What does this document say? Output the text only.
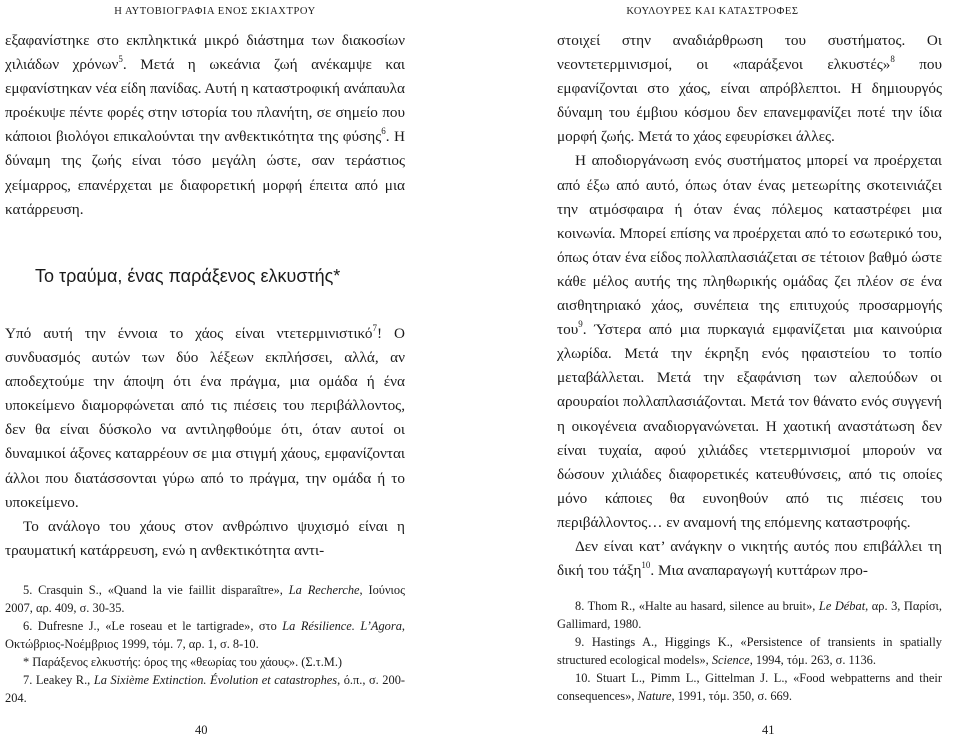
Η ΑΥΤΟΒΙΟΓΡΑΦΙΑ ΕΝΟΣ ΣΚΙΑΧΤΡΟΥ

εξαφανίστηκε στο εκπληκτικά μικρό διάστημα των διακοσίων χιλιάδων χρόνων$^5$. Μετά η ωκεάνια ζωή ανέκαμψε και εμφανίστηκαν νέα είδη πανίδας. Αυτή η καταστροφική ανάπαυλα προέκυψε πέντε φορές στην ιστορία του πλανήτη, σε σημείο που κάποιοι βιολόγοι επικαλούνται την ανθεκτικότητα της φύσης$^6$. Η δύναμη της ζωής είναι τόσο μεγάλη ώστε, σαν τεράστιος χείμαρρος, επανέρχεται με διαφορετική μορφή έπειτα από μια κατάρρευση.

Το τραύμα, ένας παράξενος ελκυστής*

Υπό αυτή την έννοια το χάος είναι ντετερμινιστικό$^7$! Ο συνδυασμός αυτών των δύο λέξεων εκπλήσσει, αλλά, αν αποδεχτούμε την άποψη ότι ένα πράγμα, μια ομάδα ή ένα υποκείμενο διαμορφώνεται από τις πιέσεις του περιβάλλοντος, δεν θα είναι δύσκολο να αντιληφθούμε ότι, όταν αυτοί οι δυναμικοί άξονες καταρρέουν σε μια στιγμή χάους, εμφανίζονται άλλοι που διατάσσονται γύρω από το πράγμα, την ομάδα ή το υποκείμενο.

Το ανάλογο του χάους στον ανθρώπινο ψυχισμό είναι η τραυματική κατάρρευση, ενώ η ανθεκτικότητα αντι-

5. Crasquin S., «Quand la vie faillit disparaître», La Recherche, Ιούνιος 2007, αρ. 409, σ. 30-35.

6. Dufresne J., «Le roseau et le tartigrade», στο La Résilience. L’Agora, Οκτώβριος-Νοέμβριος 1999, τόμ. 7, αρ. 1, σ. 8-10.

* Παράξενος ελκυστής: όρος της «θεωρίας του χάους». (Σ.τ.Μ.)

7. Leakey R., La Sixième Extinction. Évolution et catastrophes, ό.π., σ. 200-204.

40
ΚΟΥΛΟΥΡΕΣ ΚΑΙ ΚΑΤΑΣΤΡΟΦΕΣ

στοιχεί στην αναδιάρθρωση του συστήματος. Οι νεοντετερμινισμοί, οι «παράξενοι ελκυστές»$^8$ που εμφανίζονται στο χάος, είναι απρόβλεπτοι. Η δημιουργός δύναμη του έμβιου κόσμου δεν επανεμφανίζει ποτέ την ίδια μορφή ζωής. Μετά το χάος εφευρίσκει άλλες.

Η αποδιοργάνωση ενός συστήματος μπορεί να προέρχεται από έξω από αυτό, όπως όταν ένας μετεωρίτης σκοτεινιάζει την ατμόσφαιρα ή όταν ένας πόλεμος καταστρέφει μια κοινωνία. Μπορεί επίσης να προέρχεται από το εσωτερικό του, όπως όταν ένα είδος πολλαπλασιάζεται σε τέτοιον βαθμό ώστε κάθε μέλος αυτής της πληθωρικής ομάδας ζει πλέον σε ένα αισθητηριακό χάος, συνέπεια της επιτυχούς προσαρμογής του$^9$. Ύστερα από μια πυρκαγιά εμφανίζεται μια καινούρια χλωρίδα. Μετά την έκρηξη ενός ηφαιστείου το τοπίο μεταβάλλεται. Μετά την εξαφάνιση των αλεπούδων οι αρουραίοι πολλαπλασιάζονται. Μετά τον θάνατο ενός συγγενή η οικογένεια αναδιοργανώνεται. Η χαοτική αναστάτωση δεν είναι τυχαία, αφού χιλιάδες ντετερμινισμοί μπορούν να δώσουν χιλιάδες διαφορετικές κατευθύνσεις, από τις οποίες μόνο κάποιες θα ευνοηθούν από τις πιέσεις του περιβάλλοντος… εν αναμονή της επόμενης καταστροφής.

Δεν είναι κατ’ ανάγκην ο νικητής αυτός που επιβάλλει τη δική του τάξη$^{10}$. Μια αναπαραγωγή κυττάρων προ-

8. Thom R., «Halte au hasard, silence au bruit», Le Débat, αρ. 3, Παρίσι, Gallimard, 1980.

9. Hastings A., Higgings K., «Persistence of transients in spatially structured ecological models», Science, 1994, τόμ. 263, σ. 1136.

10. Stuart L., Pimm L., Gittelman J. L., «Food webpatterns and their consequences», Nature, 1991, τόμ. 350, σ. 669.

41
